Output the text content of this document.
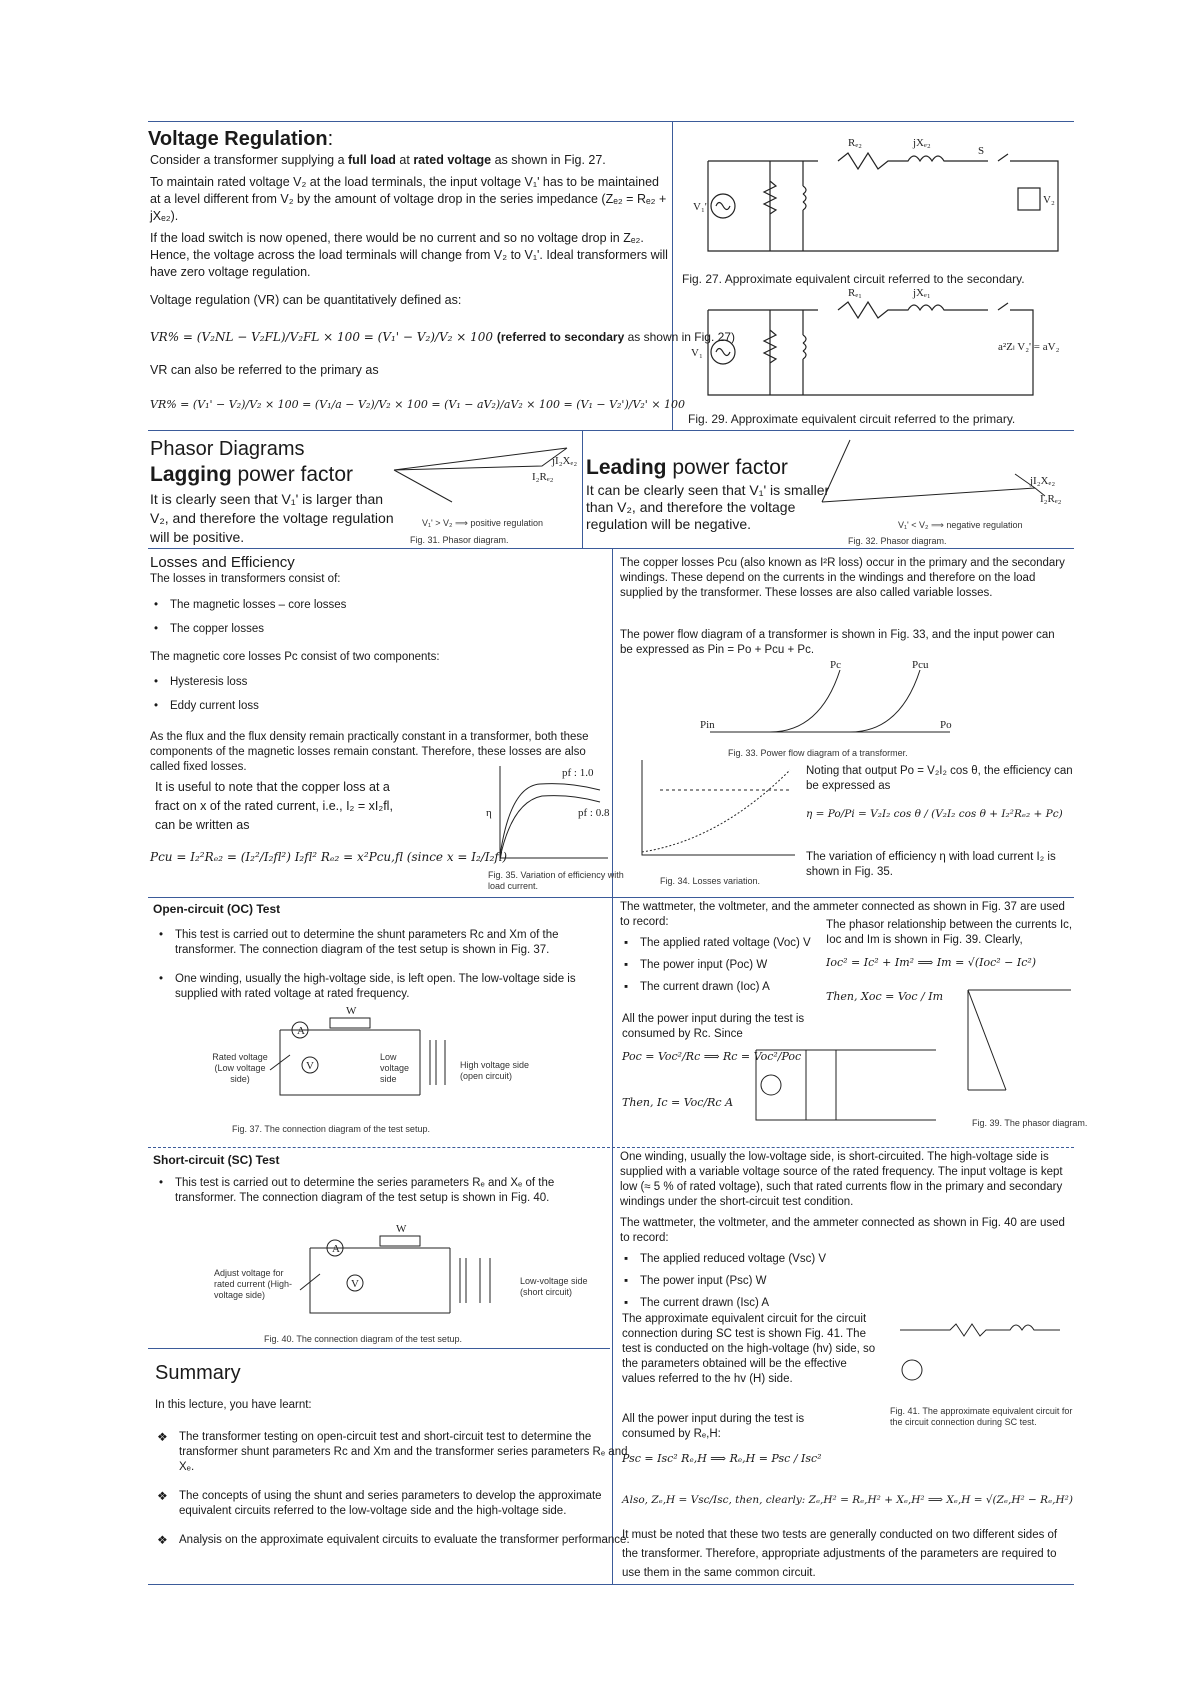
Voltage Regulation:
Consider a transformer supplying a full load at rated voltage as shown in Fig. 27.
To maintain rated voltage V₂ at the load terminals, the input voltage V₁' has to be maintained at a level different from V₂ by the amount of voltage drop in the series impedance (Zₑ₂ = Rₑ₂ + jXₑ₂).
If the load switch is now opened, there would be no current and so no voltage drop in Zₑ₂. Hence, the voltage across the load terminals will change from V₂ to V₁'. Ideal transformers will have zero voltage regulation.
Voltage regulation (VR) can be quantitatively defined as:
VR% = (V₂NL − V₂FL)/V₂FL × 100 = (V₁' − V₂)/V₂ × 100 (referred to secondary as shown in Fig. 27)
VR can also be referred to the primary as
VR% = (V₁' − V₂)/V₂ × 100 = (V₁/a − V₂)/V₂ × 100 = (V₁ − aV₂)/aV₂ × 100 = (V₁ − V₂')/V₂' × 100
Rₑ₂	jXₑ₂
S
V₁'
V₂
Fig. 27. Approximate equivalent circuit referred to the secondary.
Rₑ₁	jXₑ₁
V₁	a²Zₗ V₂' = aV₂
Fig. 29. Approximate equivalent circuit referred to the primary.
Phasor Diagrams
Lagging power factor
It is clearly seen that V₁' is larger than V₂, and therefore the voltage regulation will be positive.
I₂Rₑ₂
jI₂Xₑ₂
V₁' > V₂ ⟹ positive regulation
Fig. 31. Phasor diagram.
Leading power factor
It can be clearly seen that V₁' is smaller than V₂, and therefore the voltage regulation will be negative.
jI₂Xₑ₂
I₂Rₑ₂
V₁' < V₂ ⟹ negative regulation
Fig. 32. Phasor diagram.
Losses and Efficiency
The losses in transformers consist of:
• The magnetic losses – core losses
• The copper losses
The magnetic core losses Pc consist of two components:
• Hysteresis loss
• Eddy current loss
As the flux and the flux density remain practically constant in a transformer, both these components of the magnetic losses remain constant. Therefore, these losses are also called fixed losses.
It is useful to note that the copper loss at a fract on x of the rated current, i.e., I₂ = xI₂fl, can be written as
Pcu = I₂²Rₑ₂ = (I₂²/I₂fl²) I₂fl² Rₑ₂ = x²Pcu,fl (since x = I₂/I₂fl)
η
pf : 1.0
pf : 0.8
Fig. 35. Variation of efficiency with load current.	Fig. 34. Losses variation.
The copper losses Pcu (also known as I²R loss) occur in the primary and the secondary windings. These depend on the currents in the windings and therefore on the load supplied by the transformer. These losses are also called variable losses.
The power flow diagram of a transformer is shown in Fig. 33, and the input power can be expressed as Pin = Po + Pcu + Pc.
Pin	Po
Pc	Pcu
Fig. 33. Power flow diagram of a transformer.
Noting that output Po = V₂I₂ cos θ, the efficiency can be expressed as
η = Po/Pi = V₂I₂ cos θ / (V₂I₂ cos θ + I₂²Rₑ₂ + Pc)
The variation of efficiency η with load current I₂ is shown in Fig. 35.
Open-circuit (OC) Test
• This test is carried out to determine the shunt parameters Rc and Xm of the transformer. The connection diagram of the test setup is shown in Fig. 37.
• One winding, usually the high-voltage side, is left open. The low-voltage side is supplied with rated voltage at rated frequency.
A
V
W
Rated voltage (Low voltage side)
Low voltage side
High voltage side (open circuit)
Fig. 37. The connection diagram of the test setup.
The wattmeter, the voltmeter, and the ammeter connected as shown in Fig. 37 are used to record:
▪ The applied rated voltage (Voc) V
▪ The power input (Poc) W
▪ The current drawn (Ioc) A
The phasor relationship between the currents Ic, Ioc and Im is shown in Fig. 39. Clearly,
Ioc² = Ic² + Im² ⟹ Im = √(Ioc² − Ic²)
Then, Xoc = Voc / Im
All the power input during the test is consumed by Rc. Since
Poc = Voc²/Rc ⟹ Rc = Voc²/Poc
Then, Ic = Voc/Rc A
Fig. 39. The phasor diagram.
Short-circuit (SC) Test
• This test is carried out to determine the series parameters Rₑ and Xₑ of the transformer. The connection diagram of the test setup is shown in Fig. 40.
A
V
W
Adjust voltage for rated current (High-voltage side)
Low-voltage side (short circuit)
Fig. 40. The connection diagram of the test setup.
One winding, usually the low-voltage side, is short-circuited. The high-voltage side is supplied with a variable voltage source of the rated frequency. The input voltage is kept low (≈ 5 % of rated voltage), such that rated currents flow in the primary and secondary windings under the short-circuit test condition.
The wattmeter, the voltmeter, and the ammeter connected as shown in Fig. 40 are used to record:
▪ The applied reduced voltage (Vsc) V
▪ The power input (Psc) W
▪ The current drawn (Isc) A
The approximate equivalent circuit for the circuit connection during SC test is shown Fig. 41. The test is conducted on the high-voltage (hv) side, so the parameters obtained will be the effective values referred to the hv (H) side.
Fig. 41. The approximate equivalent circuit for the circuit connection during SC test.
All the power input during the test is consumed by Rₑ,H:
Psc = Isc² Rₑ,H ⟹ Rₑ,H = Psc / Isc²
Also, Zₑ,H = Vsc/Isc, then, clearly: Zₑ,H² = Rₑ,H² + Xₑ,H² ⟹ Xₑ,H = √(Zₑ,H² − Rₑ,H²)
It must be noted that these two tests are generally conducted on two different sides of the transformer. Therefore, appropriate adjustments of the parameters are required to use them in the same common circuit.
Summary
In this lecture, you have learnt:
❖ The transformer testing on open-circuit test and short-circuit test to determine the transformer shunt parameters Rc and Xm and the transformer series parameters Rₑ and Xₑ.
❖ The concepts of using the shunt and series parameters to develop the approximate equivalent circuits referred to the low-voltage side and the high-voltage side.
❖ Analysis on the approximate equivalent circuits to evaluate the transformer performance.
